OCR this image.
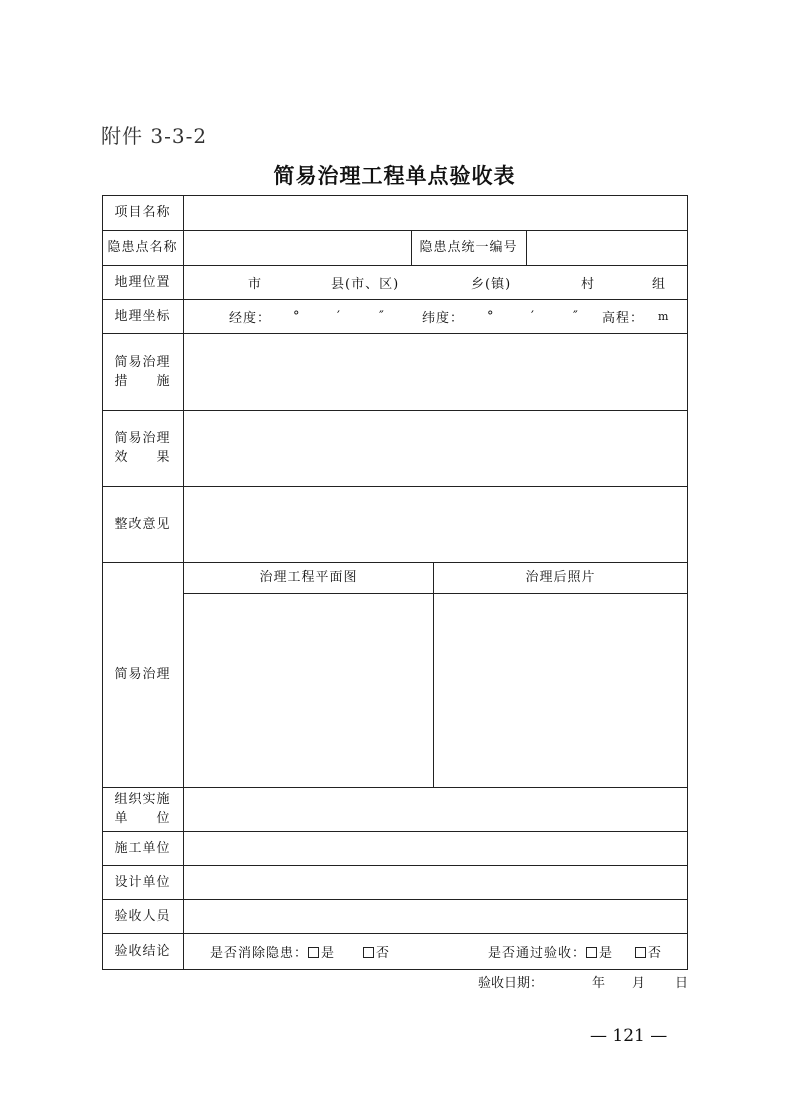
附件 3-3-2
简易治理工程单点验收表
项目名称
隐患点名称	隐患点统一编号
地理位置	市	县(市、区)	乡(镇)	村	组
地理坐标	经度： °	′	″	纬度： °	′	″ 高程： m
简易治理
措　　施
简易治理
效　　果
整改意见
简易治理
治理工程平面图	治理后照片
组织实施
单　　位
施工单位
设计单位
验收人员
验收结论	是否消除隐患： 是	否	是否通过验收： 是	否
验收日期：	年 月 日
— 121 —
